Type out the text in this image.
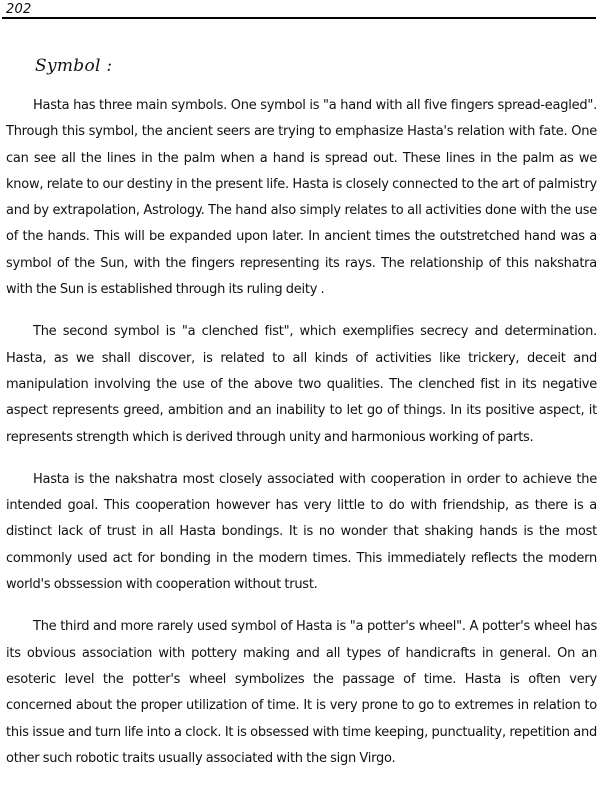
202
Symbol :

Hasta has three main symbols. One symbol is "a hand with all five fingers spread-eagled". Through this symbol, the ancient seers are trying to emphasize Hasta's relation with fate. One can see all the lines in the palm when a hand is spread out. These lines in the palm as we know, relate to our destiny in the present life. Hasta is closely connected to the art of palmistry and by extrapolation, Astrology. The hand also simply relates to all activities done with the use of the hands. This will be expanded upon later. In ancient times the outstretched hand was a symbol of the Sun, with the fingers representing its rays. The relationship of this nakshatra with the Sun is established through its ruling deity .

The second symbol is "a clenched fist", which exemplifies secrecy and determination. Hasta, as we shall discover, is related to all kinds of activities like trickery, deceit and manipulation involving the use of the above two qualities. The clenched fist in its negative aspect represents greed, ambition and an inability to let go of things. In its positive aspect, it represents strength which is derived through unity and harmonious working of parts.

Hasta is the nakshatra most closely associated with cooperation in order to achieve the intended goal. This cooperation however has very little to do with friendship, as there is a distinct lack of trust in all Hasta bondings. It is no wonder that shaking hands is the most commonly used act for bonding in the modern times. This immediately reflects the modern world's obssession with cooperation without trust.

The third and more rarely used symbol of Hasta is "a potter's wheel". A potter's wheel has its obvious association with pottery making and all types of handicrafts in general. On an esoteric level the potter's wheel symbolizes the passage of time. Hasta is often very concerned about the proper utilization of time. It is very prone to go to extremes in relation to this issue and turn life into a clock. It is obsessed with time keeping, punctuality, repetition and other such robotic traits usually associated with the sign Virgo.
